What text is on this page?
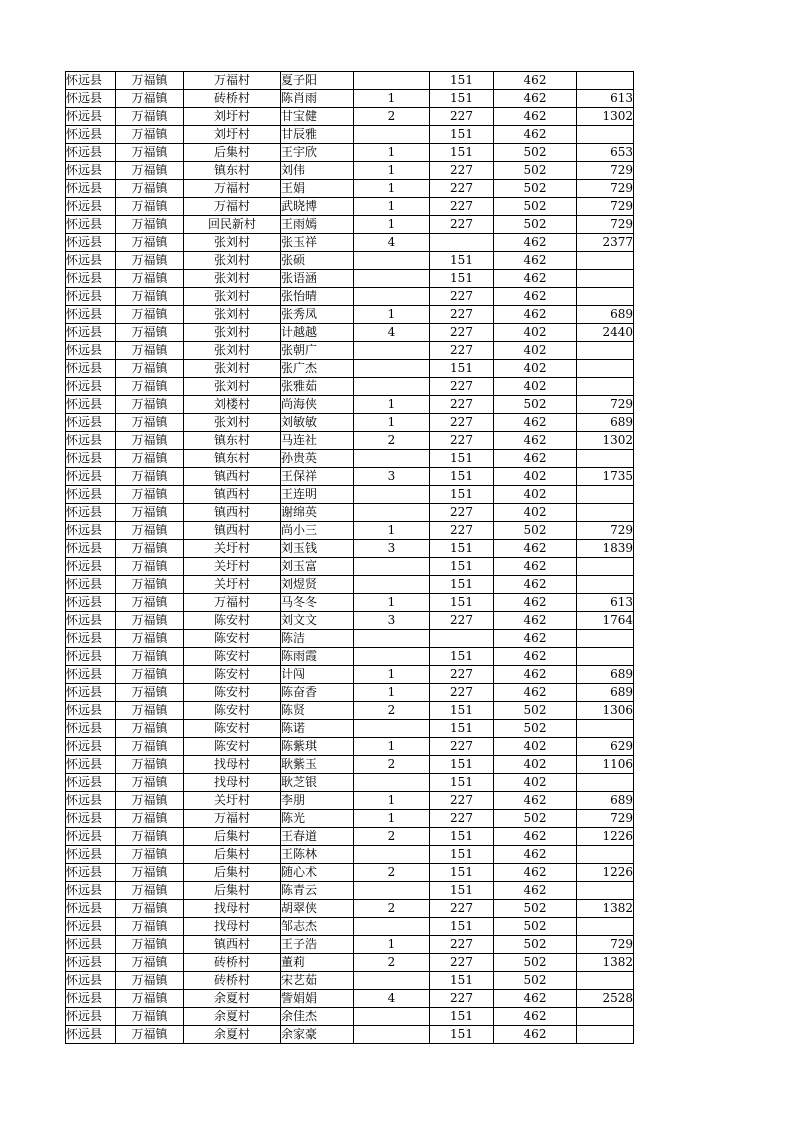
怀远县	万福镇	万福村	夏子阳		151	462	
怀远县	万福镇	砖桥村	陈肖雨	1	151	462	613
怀远县	万福镇	刘圩村	甘宝健	2	227	462	1302
怀远县	万福镇	刘圩村	甘辰雅		151	462	
怀远县	万福镇	后集村	王宇欣	1	151	502	653
怀远县	万福镇	镇东村	刘伟	1	227	502	729
怀远县	万福镇	万福村	王娟	1	227	502	729
怀远县	万福镇	万福村	武晓博	1	227	502	729
怀远县	万福镇	回民新村	王雨嫣	1	227	502	729
怀远县	万福镇	张刘村	张玉祥	4		462	2377
怀远县	万福镇	张刘村	张硕		151	462	
怀远县	万福镇	张刘村	张语涵		151	462	
怀远县	万福镇	张刘村	张怡晴		227	462	
怀远县	万福镇	张刘村	张秀凤	1	227	462	689
怀远县	万福镇	张刘村	计越越	4	227	402	2440
怀远县	万福镇	张刘村	张朝广		227	402	
怀远县	万福镇	张刘村	张广杰		151	402	
怀远县	万福镇	张刘村	张雅茹		227	402	
怀远县	万福镇	刘楼村	尚海侠	1	227	502	729
怀远县	万福镇	张刘村	刘敏敏	1	227	462	689
怀远县	万福镇	镇东村	马连社	2	227	462	1302
怀远县	万福镇	镇东村	孙贵英		151	462	
怀远县	万福镇	镇西村	王保祥	3	151	402	1735
怀远县	万福镇	镇西村	王连明		151	402	
怀远县	万福镇	镇西村	谢绵英		227	402	
怀远县	万福镇	镇西村	尚小三	1	227	502	729
怀远县	万福镇	关圩村	刘玉钱	3	151	462	1839
怀远县	万福镇	关圩村	刘玉富		151	462	
怀远县	万福镇	关圩村	刘煜贤		151	462	
怀远县	万福镇	万福村	马冬冬	1	151	462	613
怀远县	万福镇	陈安村	刘文文	3	227	462	1764
怀远县	万福镇	陈安村	陈洁			462	
怀远县	万福镇	陈安村	陈雨霞		151	462	
怀远县	万福镇	陈安村	计闯	1	227	462	689
怀远县	万福镇	陈安村	陈奋香	1	227	462	689
怀远县	万福镇	陈安村	陈贤	2	151	502	1306
怀远县	万福镇	陈安村	陈诺		151	502	
怀远县	万福镇	陈安村	陈紫琪	1	227	402	629
怀远县	万福镇	找母村	耿紫玉	2	151	402	1106
怀远县	万福镇	找母村	耿芝银		151	402	
怀远县	万福镇	关圩村	李朋	1	227	462	689
怀远县	万福镇	万福村	陈光	1	227	502	729
怀远县	万福镇	后集村	王春道	2	151	462	1226
怀远县	万福镇	后集村	王陈林		151	462	
怀远县	万福镇	后集村	随心术	2	151	462	1226
怀远县	万福镇	后集村	陈青云		151	462	
怀远县	万福镇	找母村	胡翠侠	2	227	502	1382
怀远县	万福镇	找母村	邹志杰		151	502	
怀远县	万福镇	镇西村	王子浩	1	227	502	729
怀远县	万福镇	砖桥村	董莉	2	227	502	1382
怀远县	万福镇	砖桥村	宋艺茹		151	502	
怀远县	万福镇	余夏村	訾娟娟	4	227	462	2528
怀远县	万福镇	余夏村	余佳杰		151	462	
怀远县	万福镇	余夏村	余家豪		151	462	
